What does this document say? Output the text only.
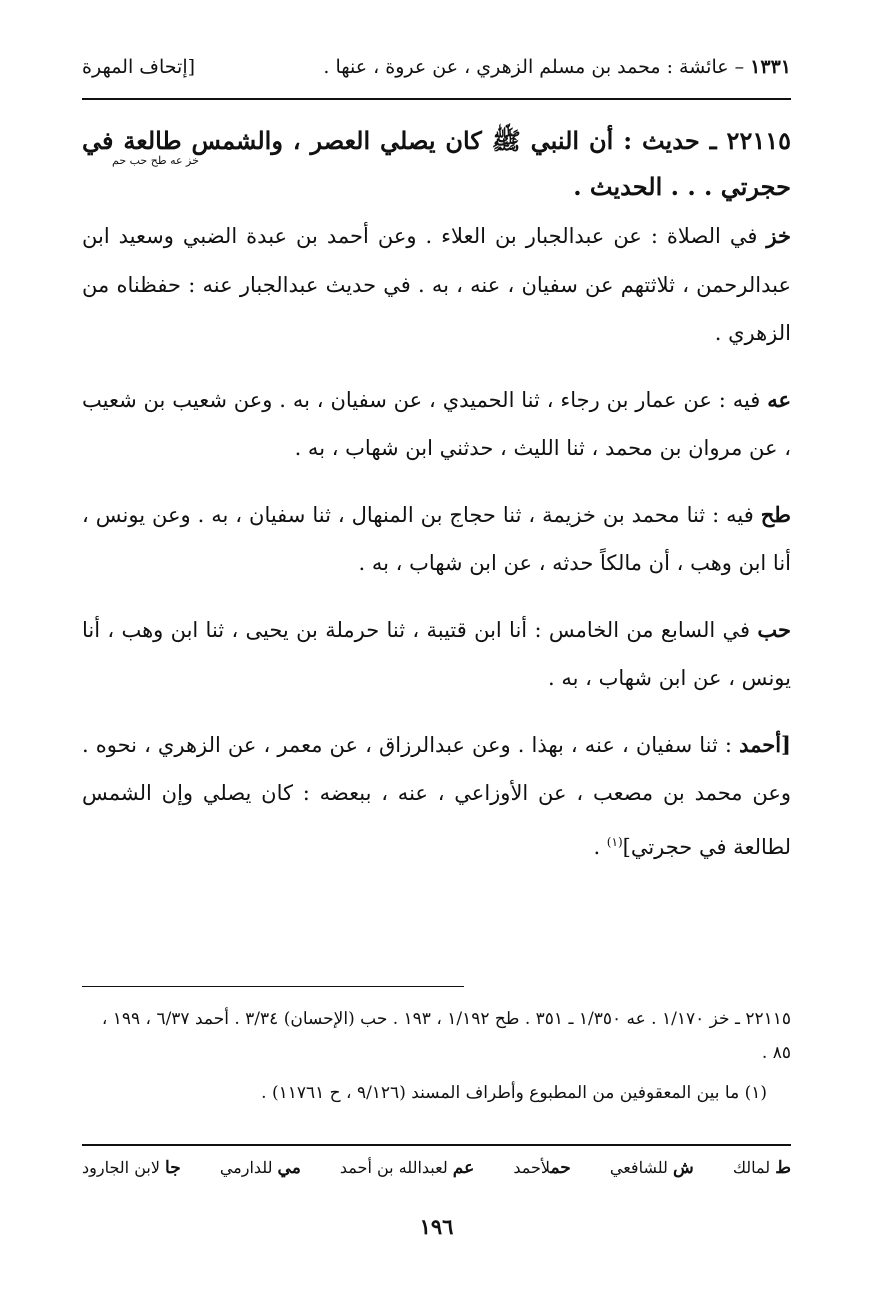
١٣٣١ – عائشة : محمد بن مسلم الزهري ، عن عروة ، عنها .
[إتحاف المهرة
٢٢١١٥ ـ حديث : أن النبي ﷺ كان يصلي العصر ، والشمس طالعة في حجرتي . . . الحديث .
خز عه طح حب حم

خز في الصلاة : عن عبدالجبار بن العلاء . وعن أحمد بن عبدة الضبي وسعيد ابن عبدالرحمن ، ثلاثتهم عن سفيان ، عنه ، به . في حديث عبدالجبار عنه : حفظناه من الزهري .

عه فيه : عن عمار بن رجاء ، ثنا الحميدي ، عن سفيان ، به . وعن شعيب بن شعيب ، عن مروان بن محمد ، ثنا الليث ، حدثني ابن شهاب ، به .

طح فيه : ثنا محمد بن خزيمة ، ثنا حجاج بن المنهال ، ثنا سفيان ، به . وعن يونس ، أنا ابن وهب ، أن مالكاً حدثه ، عن ابن شهاب ، به .

حب في السابع من الخامس : أنا ابن قتيبة ، ثنا حرملة بن يحيى ، ثنا ابن وهب ، أنا يونس ، عن ابن شهاب ، به .

[أحمد : ثنا سفيان ، عنه ، بهذا . وعن عبدالرزاق ، عن معمر ، عن الزهري ، نحوه . وعن محمد بن مصعب ، عن الأوزاعي ، عنه ، ببعضه : كان يصلي وإن الشمس لطالعة في حجرتي]$^{(١)}$ .

٢٢١١٥ ـ خز ١/١٧٠ . عه ١/٣٥٠ ـ ٣٥١ . طح ١/١٩٢ ، ١٩٣ . حب (الإحسان) ٣/٣٤ . أحمد ٦/٣٧ ، ١٩٩ ، ٨٥ .

(١) ما بين المعقوفين من المطبوع وأطراف المسند (٩/١٢٦ ، ح ١١٧٦١) .

ط لمالك
ش للشافعي
حملأحمد
عم لعبدالله بن أحمد
مي للدارمي
جا لابن الجارود
١٩٦
